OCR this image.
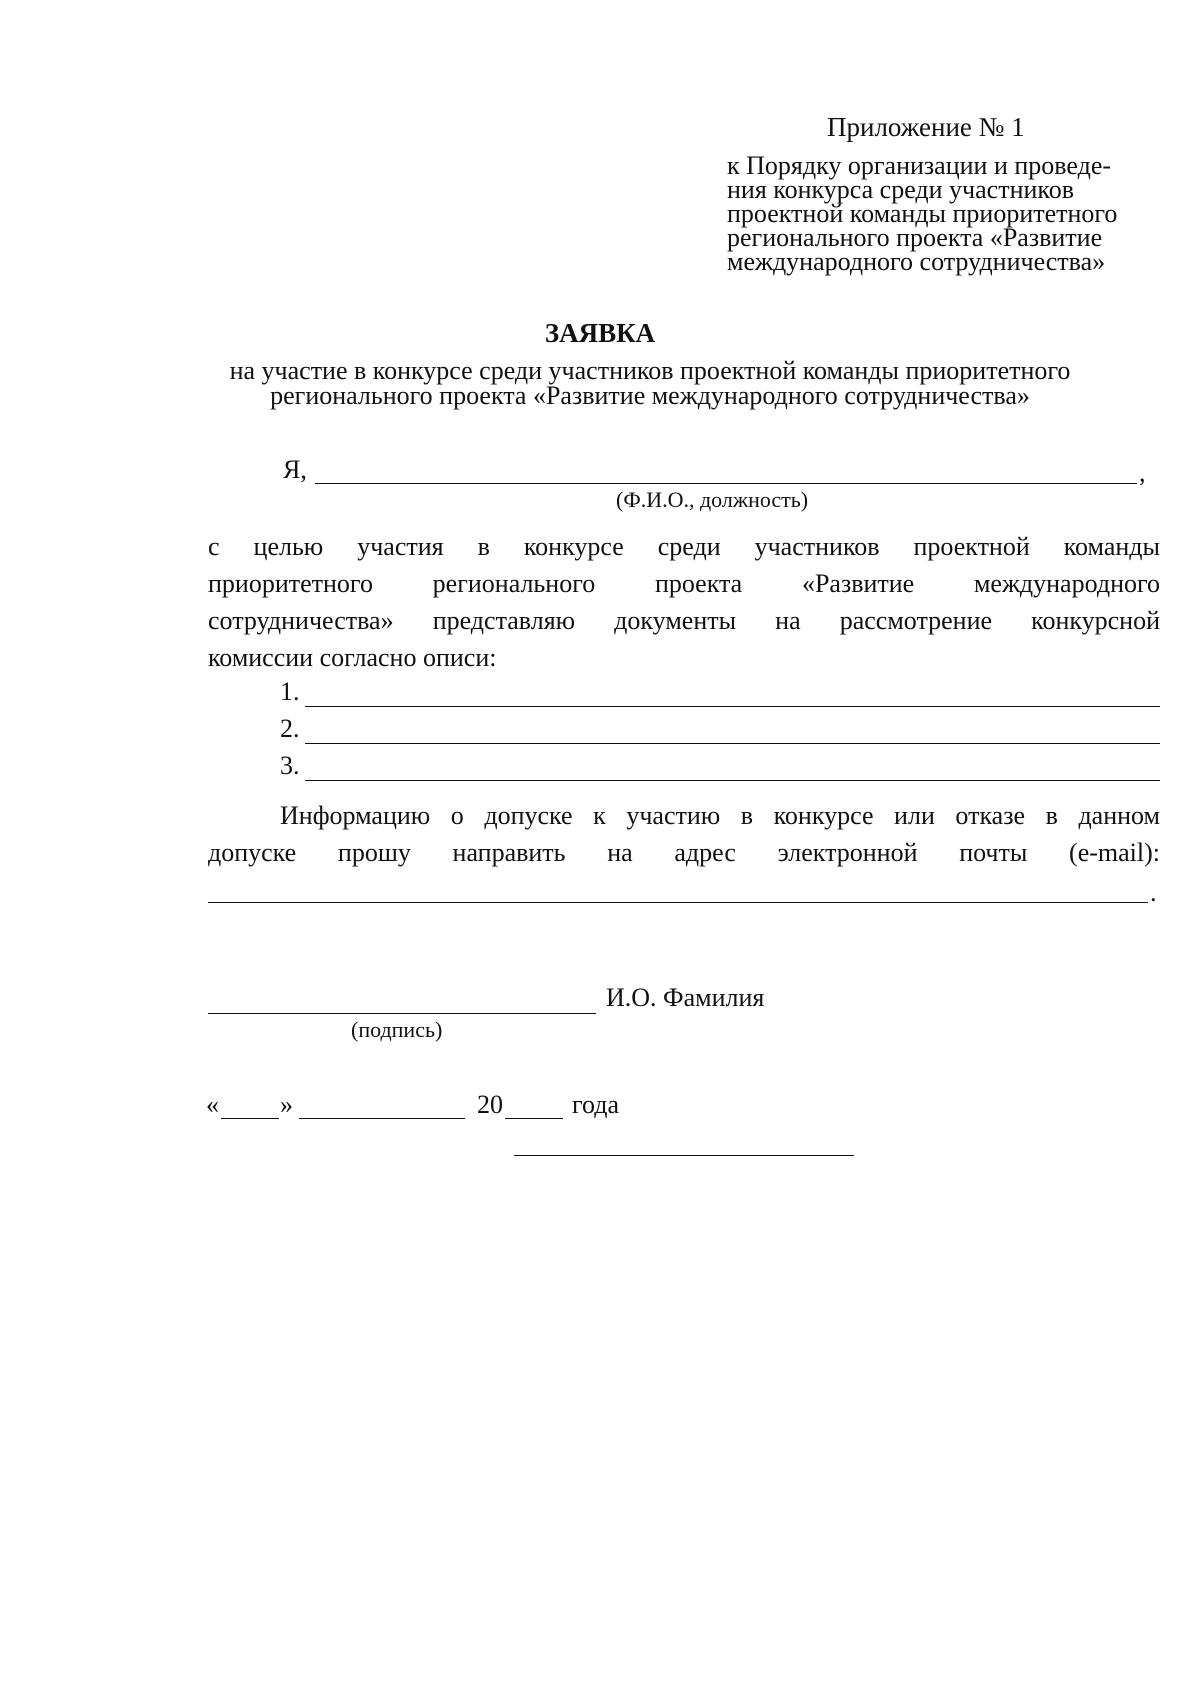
Приложение № 1
к Порядку организации и проведе-
ния конкурса среди участников
проектной команды приоритетного
регионального проекта «Развитие
международного сотрудничества»
ЗАЯВКА
на участие в конкурсе среди участников проектной команды приоритетного
регионального проекта «Развитие международного сотрудничества»
Я,	,
(Ф.И.О., должность)
с целью участия в конкурсе среди участников проектной команды
приоритетного регионального проекта «Развитие международного
сотрудничества» представляю документы на рассмотрение конкурсной
комиссии согласно описи:
1.
2.
3.
Информацию о допуске к участию в конкурсе или отказе в данном
допуске прошу направить на адрес электронной почты (e-mail):
.
И.О. Фамилия
(подпись)
« »	20	года
